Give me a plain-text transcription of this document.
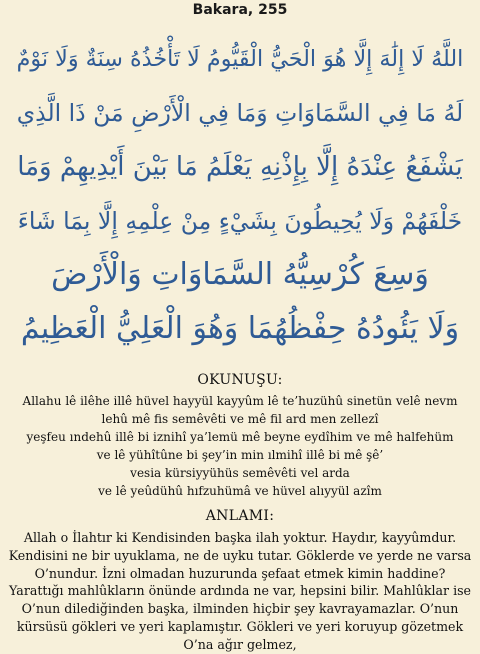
Bakara, 255
اللَّهُ لَا إِلَٰهَ إِلَّا هُوَ الْحَيُّ الْقَيُّومُ لَا تَأْخُذُهُ سِنَةٌ وَلَا نَوْمٌ
لَهُ مَا فِي السَّمَاوَاتِ وَمَا فِي الْأَرْضِ مَنْ ذَا الَّذِي
يَشْفَعُ عِنْدَهُ إِلَّا بِإِذْنِهِ يَعْلَمُ مَا بَيْنَ أَيْدِيهِمْ وَمَا
خَلْفَهُمْ وَلَا يُحِيطُونَ بِشَيْءٍ مِنْ عِلْمِهِ إِلَّا بِمَا شَاءَ
وَسِعَ كُرْسِيُّهُ السَّمَاوَاتِ وَالْأَرْضَ
وَلَا يَئُودُهُ حِفْظُهُمَا وَهُوَ الْعَلِيُّ الْعَظِيمُ
OKUNUŞU:
Allahu lê ilêhe illê hüvel hayyül kayyûm lê te’huzühû sinetün velê nevm
lehû mê fis semêvêti ve mê fil ard men zellezî
yeşfeu ındehû illê bi iznihî ya’lemü mê beyne eydîhim ve mê halfehüm
ve lê yühîtûne bi şey’in min ılmihî illê bi mê şê’
vesia kürsiyyühüs semêvêti vel arda
ve lê yeûdühû hıfzuhümâ ve hüvel alıyyül azîm
ANLAMI:
Allah o İlahtır ki Kendisinden başka ilah yoktur. Haydır, kayyûmdur.
Kendisini ne bir uyuklama, ne de uyku tutar. Göklerde ve yerde ne varsa
O’nundur. İzni olmadan huzurunda şefaat etmek kimin haddine?
Yarattığı mahlûkların önünde ardında ne var, hepsini bilir. Mahlûklar ise
O’nun dilediğinden başka, ilminden hiçbir şey kavrayamazlar. O’nun
kürsüsü gökleri ve yeri kaplamıştır. Gökleri ve yeri koruyup gözetmek
O’na ağır gelmez,
